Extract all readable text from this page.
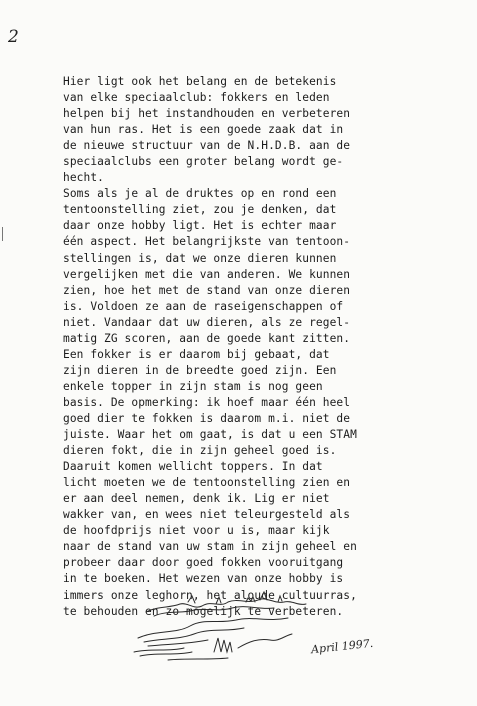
2
Hier ligt ook het belang en de betekenis
van elke speciaalclub: fokkers en leden
helpen bij het instandhouden en verbeteren
van hun ras. Het is een goede zaak dat in
de nieuwe structuur van de N.H.D.B. aan de
speciaalclubs een groter belang wordt ge-
hecht.
Soms als je al de druktes op en rond een
tentoonstelling ziet, zou je denken, dat
daar onze hobby ligt. Het is echter maar
één aspect. Het belangrijkste van tentoon-
stellingen is, dat we onze dieren kunnen
vergelijken met die van anderen. We kunnen
zien, hoe het met de stand van onze dieren
is. Voldoen ze aan de raseigenschappen of
niet. Vandaar dat uw dieren, als ze regel-
matig ZG scoren, aan de goede kant zitten.
Een fokker is er daarom bij gebaat, dat
zijn dieren in de breedte goed zijn. Een
enkele topper in zijn stam is nog geen
basis. De opmerking: ik hoef maar één heel
goed dier te fokken is daarom m.i. niet de
juiste. Waar het om gaat, is dat u een STAM
dieren fokt, die in zijn geheel goed is.
Daaruit komen wellicht toppers. In dat
licht moeten we de tentoonstelling zien en
er aan deel nemen, denk ik. Lig er niet
wakker van, en wees niet teleurgesteld als
de hoofdprijs niet voor u is, maar kijk
naar de stand van uw stam in zijn geheel en
probeer daar door goed fokken vooruitgang
in te boeken. Het wezen van onze hobby is
immers onze leghorn, het aloude cultuurras,
te behouden en zo mogelijk te verbeteren.
April 1997.
